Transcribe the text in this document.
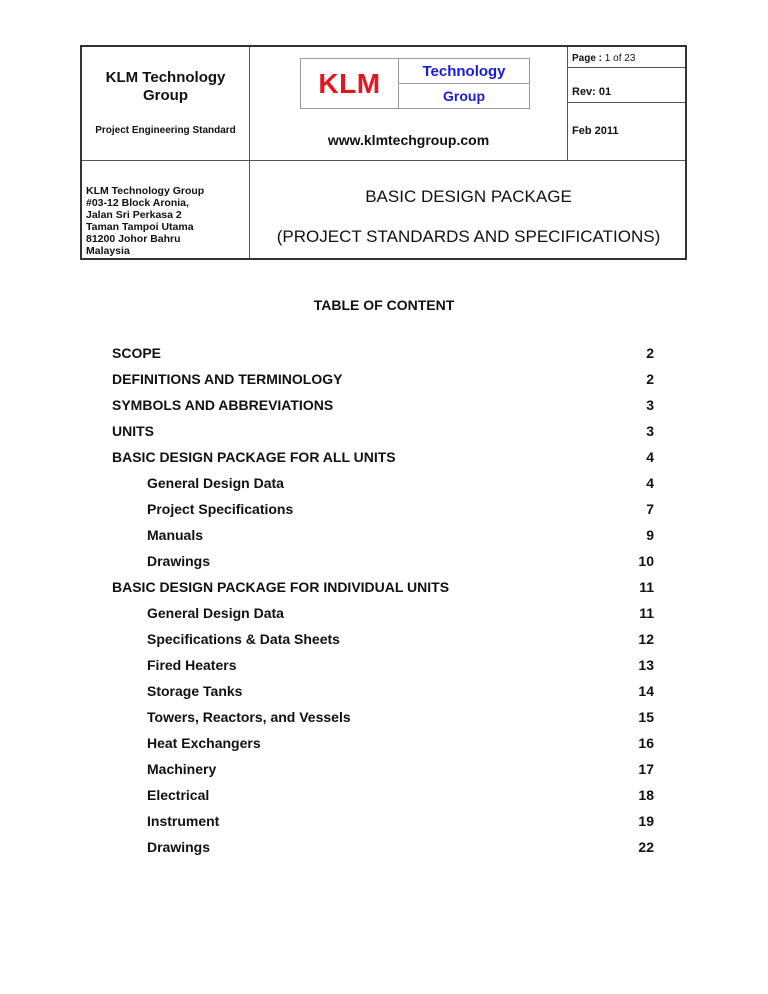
KLM Technology Group
Project Engineering Standard
KLM	Technology
Group
www.klmtechgroup.com
Page : 1 of 23
Rev: 01
Feb 2011
KLM Technology Group
#03-12 Block Aronia,
Jalan Sri Perkasa 2
Taman Tampoi Utama
81200 Johor Bahru
Malaysia
BASIC DESIGN PACKAGE
(PROJECT STANDARDS AND SPECIFICATIONS)
TABLE OF CONTENT
SCOPE	2
DEFINITIONS AND TERMINOLOGY	2
SYMBOLS AND ABBREVIATIONS	3
UNITS	3
BASIC DESIGN PACKAGE FOR ALL UNITS	4
General Design Data	4
Project Specifications	7
Manuals	9
Drawings	10
BASIC DESIGN PACKAGE FOR INDIVIDUAL UNITS	11
General Design Data	11
Specifications & Data Sheets	12
Fired Heaters	13
Storage Tanks	14
Towers, Reactors, and Vessels	15
Heat Exchangers	16
Machinery	17
Electrical	18
Instrument	19
Drawings	22
